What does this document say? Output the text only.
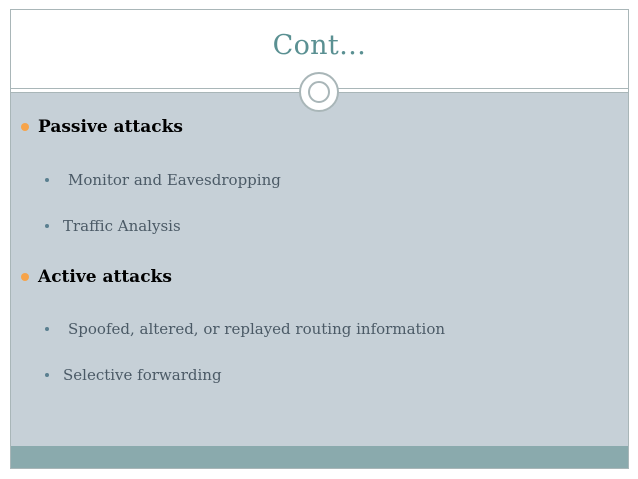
Cont…
Passive attacks
Monitor and Eavesdropping
Traffic Analysis
Active attacks
Spoofed, altered, or replayed routing information
Selective forwarding
